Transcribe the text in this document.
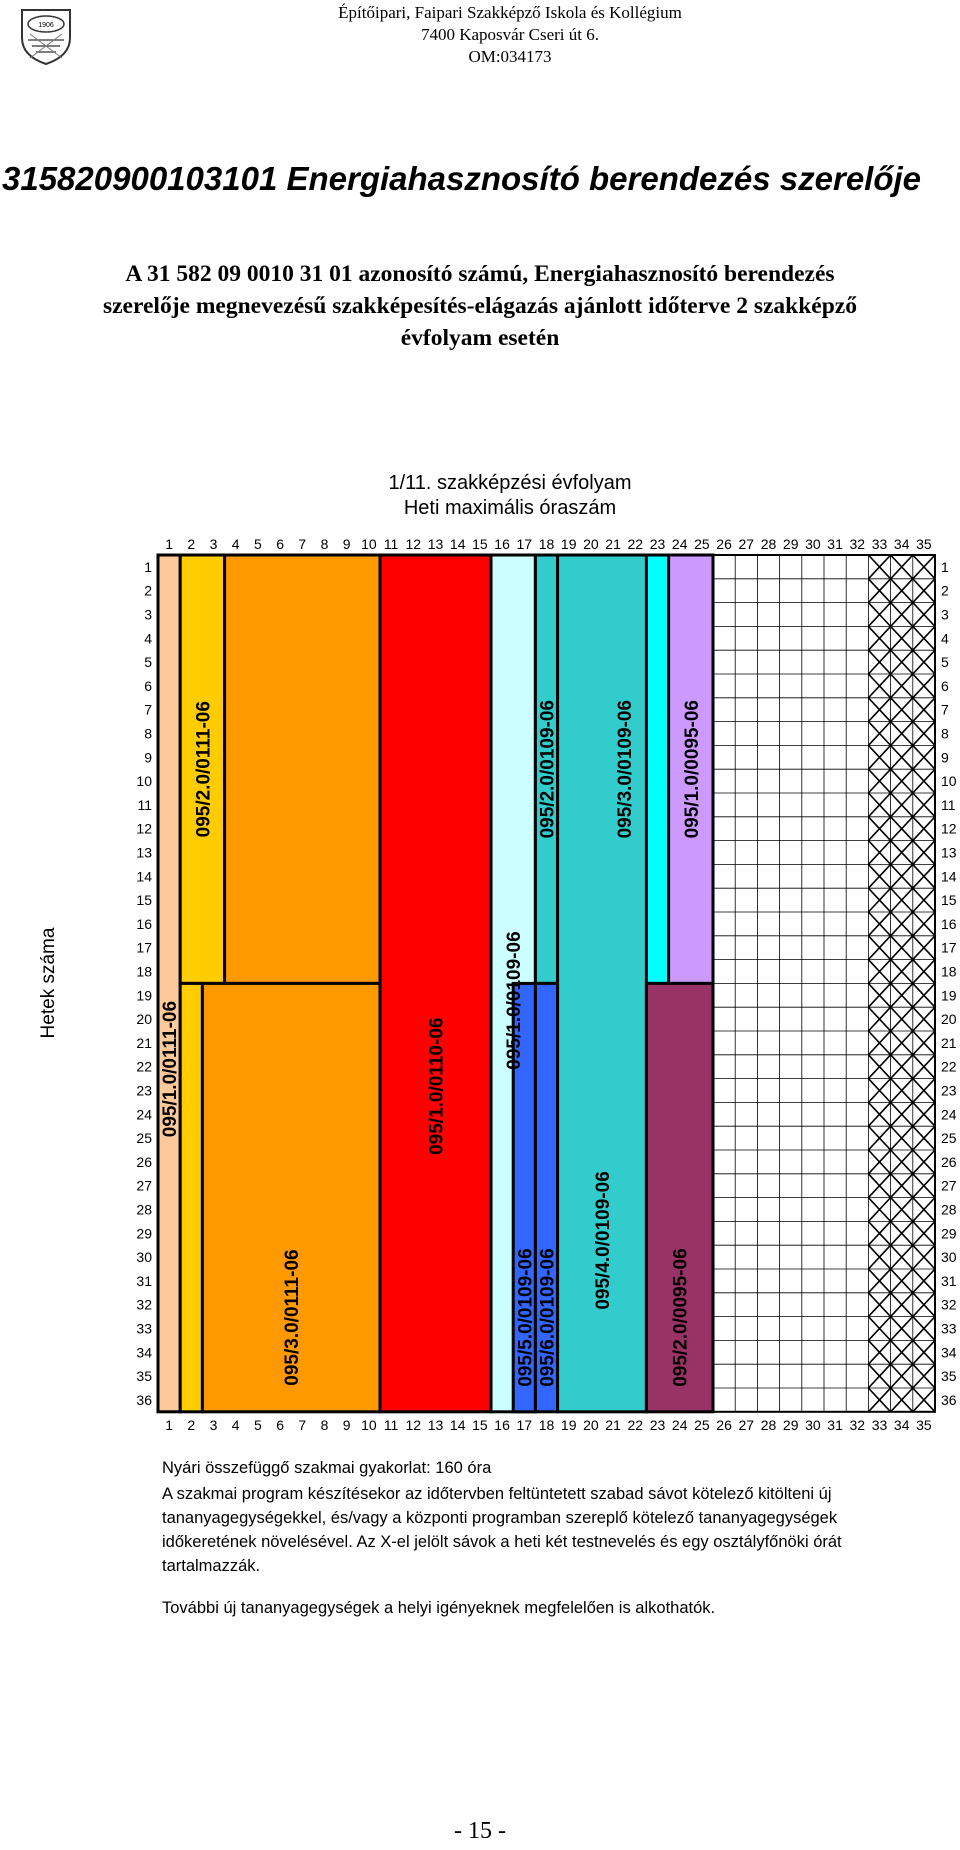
1906
Építőipari, Faipari Szakképző Iskola és Kollégium
7400 Kaposvár Cseri út 6.
OM:034173
315820900103101 Energiahasznosító berendezés szerelője
A 31 582 09 0010 31 01 azonosító számú, Energiahasznosító berendezés
szerelője megnevezésű szakképesítés-elágazás ajánlott időterve 2 szakképző
évfolyam esetén
1/11. szakképzési évfolyam
Heti maximális óraszám
Hetek száma
095/1.0/0111-06
095/2.0/0111-06
095/3.0/0111-06
095/1.0/0110-06
095/1.0/0109-06
095/2.0/0109-06
095/5.0/0109-06 095/6.0/0109-06
095/3.0/0109-06
095/4.0/0109-06
095/1.0/0095-06
095/2.0/0095-06
1
1
2
2
3
3
4
4
5
5
6
6
7
7
8
8
9
9
10
10
11
11
12
12
13
13
14
14
15
15
16
16
17
17
18
18
19
19
20
20
21
21
22
22
23
23
24
24
25
25
26
26
27
27
28
28
29
29
30
30
31
31
32
32
33
33
34
34
35
35
1	1
2	2
3	3
4	4
5	5
6	6
7	7
8	8
9	9
10	10
11	11
12	12
13	13
14	14
15	15
16	16
17	17
18	18
19	19
20	20
21	21
22	22
23	23
24	24
25	25
26	26
27	27
28	28
29	29
30	30
31	31
32	32
33	33
34	34
35	35
36	36
Nyári összefüggő szakmai gyakorlat: 160 óra
A szakmai program készítésekor az időtervben feltüntetett szabad sávot kötelező kitölteni új
tananyagegységekkel, és/vagy a központi programban szereplő kötelező tananyagegységek
időkeretének növelésével. Az X-el jelölt sávok a heti két testnevelés és egy osztályfőnöki órát
tartalmazzák.
További új tananyagegységek a helyi igényeknek megfelelően is alkothatók.
- 15 -
